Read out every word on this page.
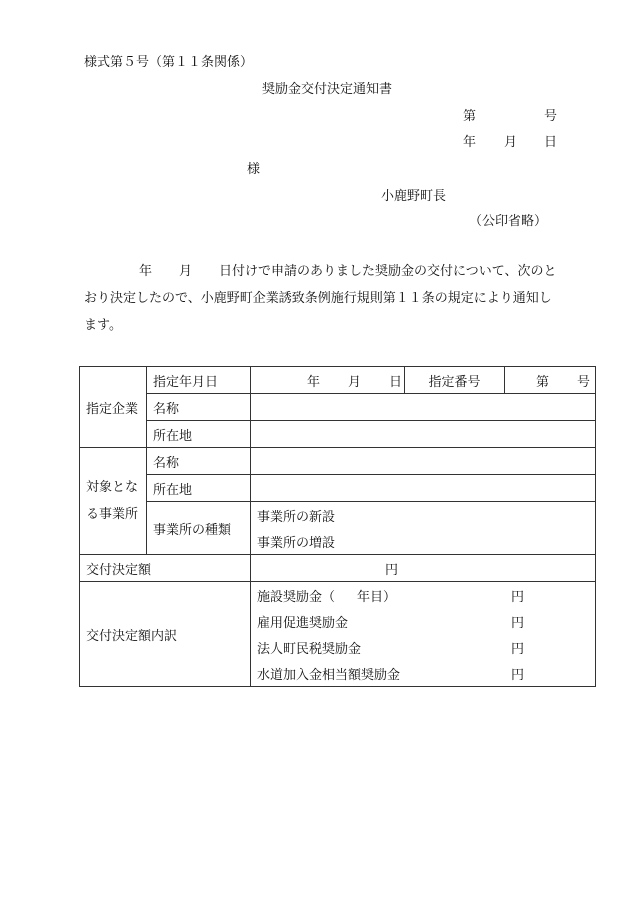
様式第５号（第１１条関係）
奨励金交付決定通知書
第	号
年 月 日
様
小鹿野町長
（公印省略）
年 月 日付けで申請のありました奨励金の交付について、次のと
おり決定したので、小鹿野町企業誘致条例施行規則第１１条の規定により通知し
ます。
指定企業	指定年月日	年 月 日	指定番号	第 号
	名称			
	所在地			

対象とな
る事業所	名称			
	所在地			
	事業所の種類	事業所の新設		
		事業所の増設		
交付決定額		円		
交付決定額内訳		施設奨励金（ 年目） 円		
		雇用促進奨励金 円		
		法人町民税奨励金 円		
		水道加入金相当額奨励金 円		
